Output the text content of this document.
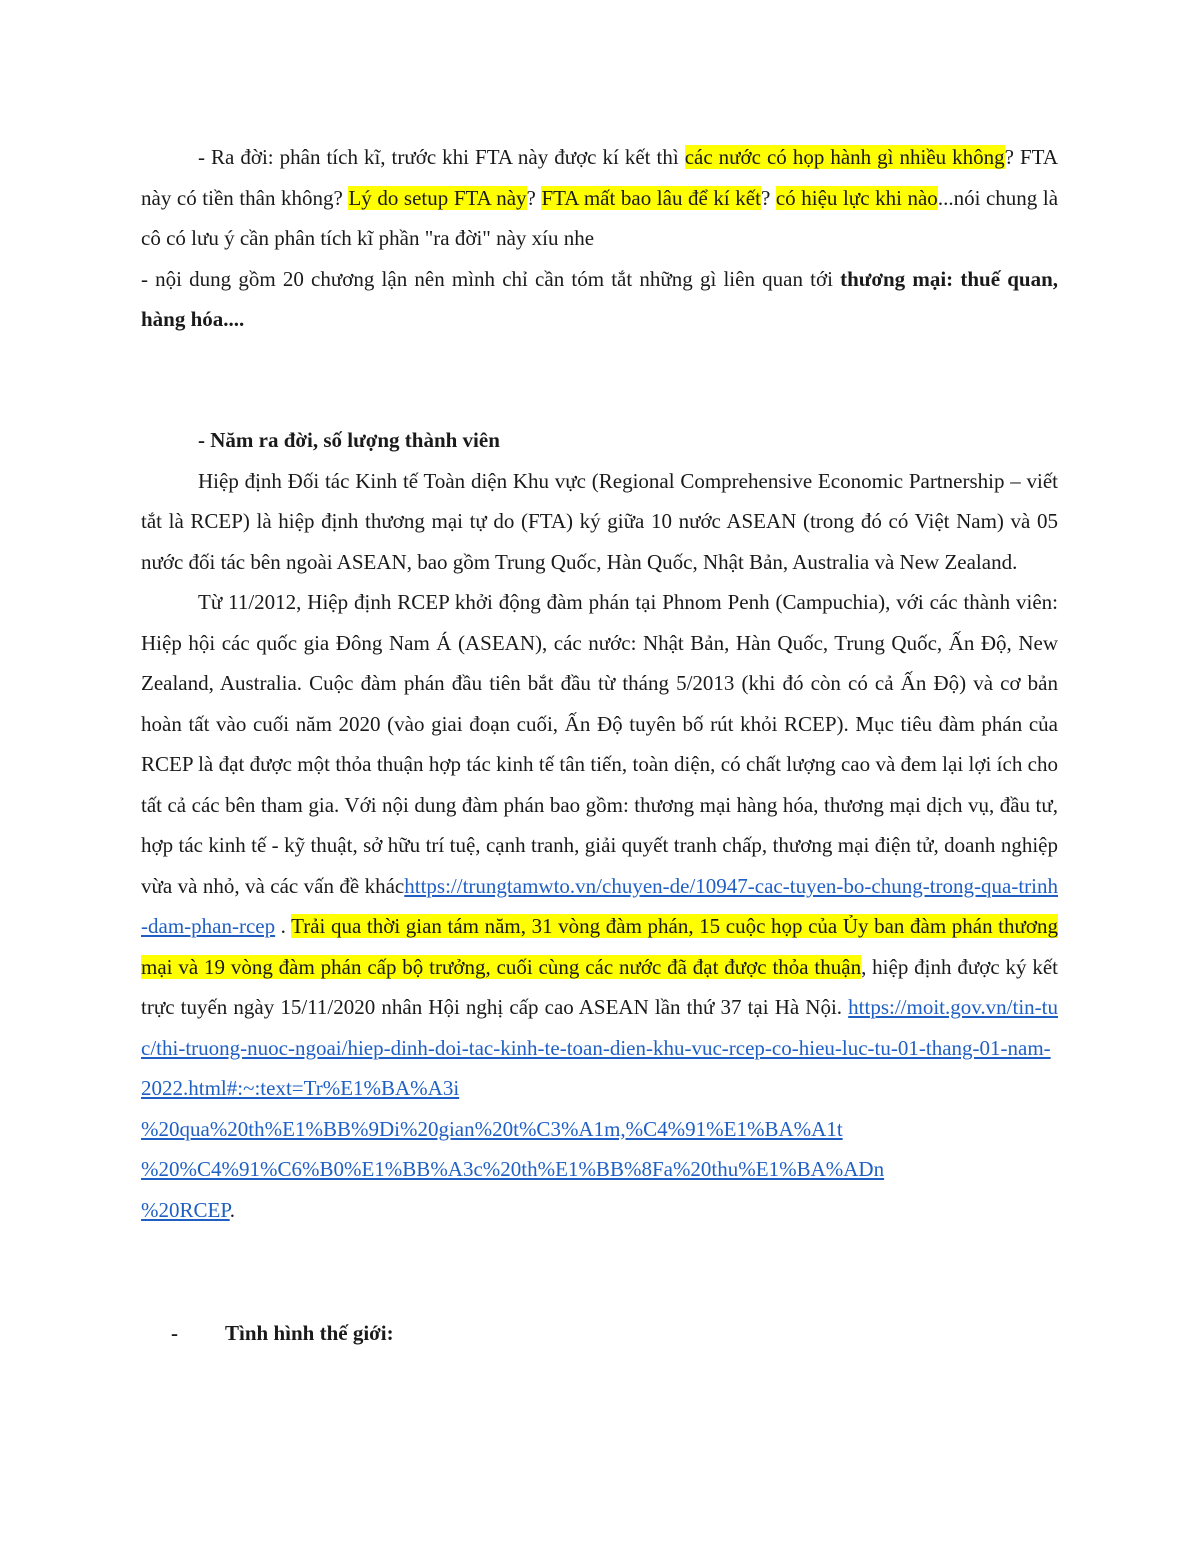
- Ra đời: phân tích kĩ, trước khi FTA này được kí kết thì các nước có họp hành gì nhiều không? FTA này có tiền thân không? Lý do setup FTA này? FTA mất bao lâu để kí kết? có hiệu lực khi nào...nói chung là cô có lưu ý cần phân tích kĩ phần "ra đời" này xíu nhe

- nội dung gồm 20 chương lận nên mình chỉ cần tóm tắt những gì liên quan tới thương mại: thuế quan, hàng hóa....

- Năm ra đời, số lượng thành viên

Hiệp định Đối tác Kinh tế Toàn diện Khu vực (Regional Comprehensive Economic Partnership – viết tắt là RCEP) là hiệp định thương mại tự do (FTA) ký giữa 10 nước ASEAN (trong đó có Việt Nam) và 05 nước đối tác bên ngoài ASEAN, bao gồm Trung Quốc, Hàn Quốc, Nhật Bản, Australia và New Zealand.

Từ 11/2012, Hiệp định RCEP khởi động đàm phán tại Phnom Penh (Campuchia), với các thành viên: Hiệp hội các quốc gia Đông Nam Á (ASEAN), các nước: Nhật Bản, Hàn Quốc, Trung Quốc, Ấn Độ, New Zealand, Australia. Cuộc đàm phán đầu tiên bắt đầu từ tháng 5/2013 (khi đó còn có cả Ấn Độ) và cơ bản hoàn tất vào cuối năm 2020 (vào giai đoạn cuối, Ấn Độ tuyên bố rút khỏi RCEP). Mục tiêu đàm phán của RCEP là đạt được một thỏa thuận hợp tác kinh tế tân tiến, toàn diện, có chất lượng cao và đem lại lợi ích cho tất cả các bên tham gia. Với nội dung đàm phán bao gồm: thương mại hàng hóa, thương mại dịch vụ, đầu tư, hợp tác kinh tế - kỹ thuật, sở hữu trí tuệ, cạnh tranh, giải quyết tranh chấp, thương mại điện tử, doanh nghiệp vừa và nhỏ, và các vấn đề kháchttps://trungtamwto.vn/chuyen-de/10947-cac-tuyen-bo-chung-trong-qua-trinh-dam-phan-rcep . Trải qua thời gian tám năm, 31 vòng đàm phán, 15 cuộc họp của Ủy ban đàm phán thương mại và 19 vòng đàm phán cấp bộ trưởng, cuối cùng các nước đã đạt được thỏa thuận, hiệp định được ký kết trực tuyến ngày 15/11/2020 nhân Hội nghị cấp cao ASEAN lần thứ 37 tại Hà Nội. https://moit.gov.vn/tin-tuc/thi-truong-nuoc-ngoai/hiep-dinh-doi-tac-kinh-te-toan-dien-khu-vuc-rcep-co-hieu-luc-tu-01-thang-01-nam-2022.html#:~:text=Tr%E1%BA%A3i
%20qua%20th%E1%BB%9Di%20gian%20t%C3%A1m,%C4%91%E1%BA%A1t
%20%C4%91%C6%B0%E1%BB%A3c%20th%E1%BB%8Fa%20thu%E1%BA%ADn
%20RCEP.

- Tình hình thế giới:
